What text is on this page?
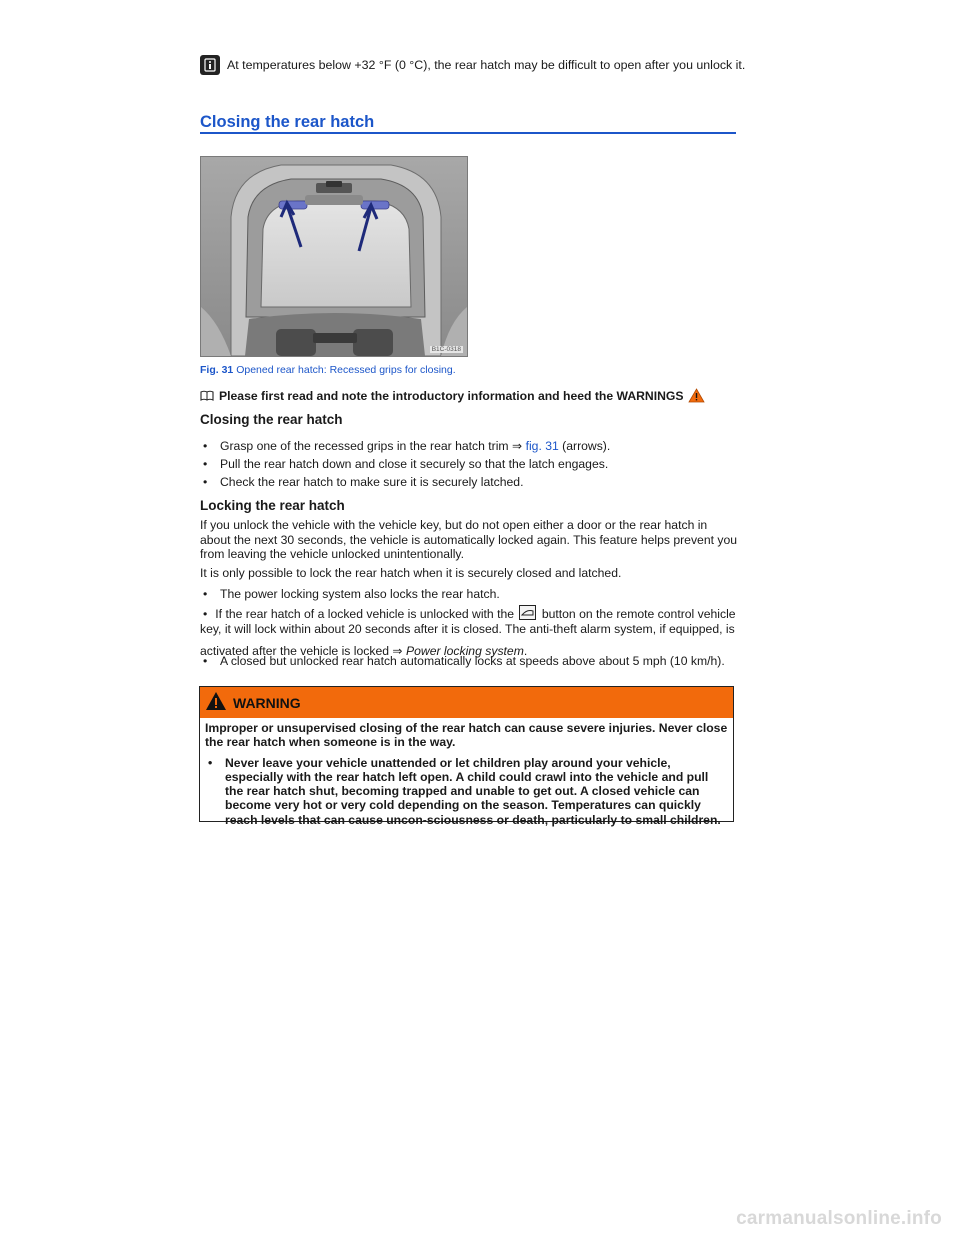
At temperatures below +32 °F (0 °C), the rear hatch may be difficult to open after you unlock it.
Closing the rear hatch
B1C-0318
Fig. 31 Opened rear hatch: Recessed grips for closing.
Please first read and note the introductory information and heed the WARNINGS
Closing the rear hatch
•	Grasp one of the recessed grips in the rear hatch trim ⇒ fig. 31 (arrows).
•	Pull the rear hatch down and close it securely so that the latch engages.
•	Check the rear hatch to make sure it is securely latched.
Locking the rear hatch
If you unlock the vehicle with the vehicle key, but do not open either a door or the rear hatch in about the next 30 seconds, the vehicle is automatically locked again. This feature helps prevent you from leaving the vehicle unlocked unintentionally.
It is only possible to lock the rear hatch when it is securely closed and latched.
•	The power locking system also locks the rear hatch.
• If the rear hatch of a locked vehicle is unlocked with the button on the remote control vehicle key, it will lock within about 20 seconds after it is closed. The anti-theft alarm system, if equipped, is
activated after the vehicle is locked ⇒ Power locking system.
•	A closed but unlocked rear hatch automatically locks at speeds above about 5 mph (10 km/h).
WARNING

Improper or unsupervised closing of the rear hatch can cause severe injuries. Never close the rear hatch when someone is in the way.

•	Never leave your vehicle unattended or let children play around your vehicle, especially with the rear hatch left open. A child could crawl into the vehicle and pull the rear hatch shut, becoming trapped and unable to get out. A closed vehicle can become very hot or very cold depending on the season. Temperatures can quickly reach levels that can cause uncon-sciousness or death, particularly to small children.
carmanualsonline.info
